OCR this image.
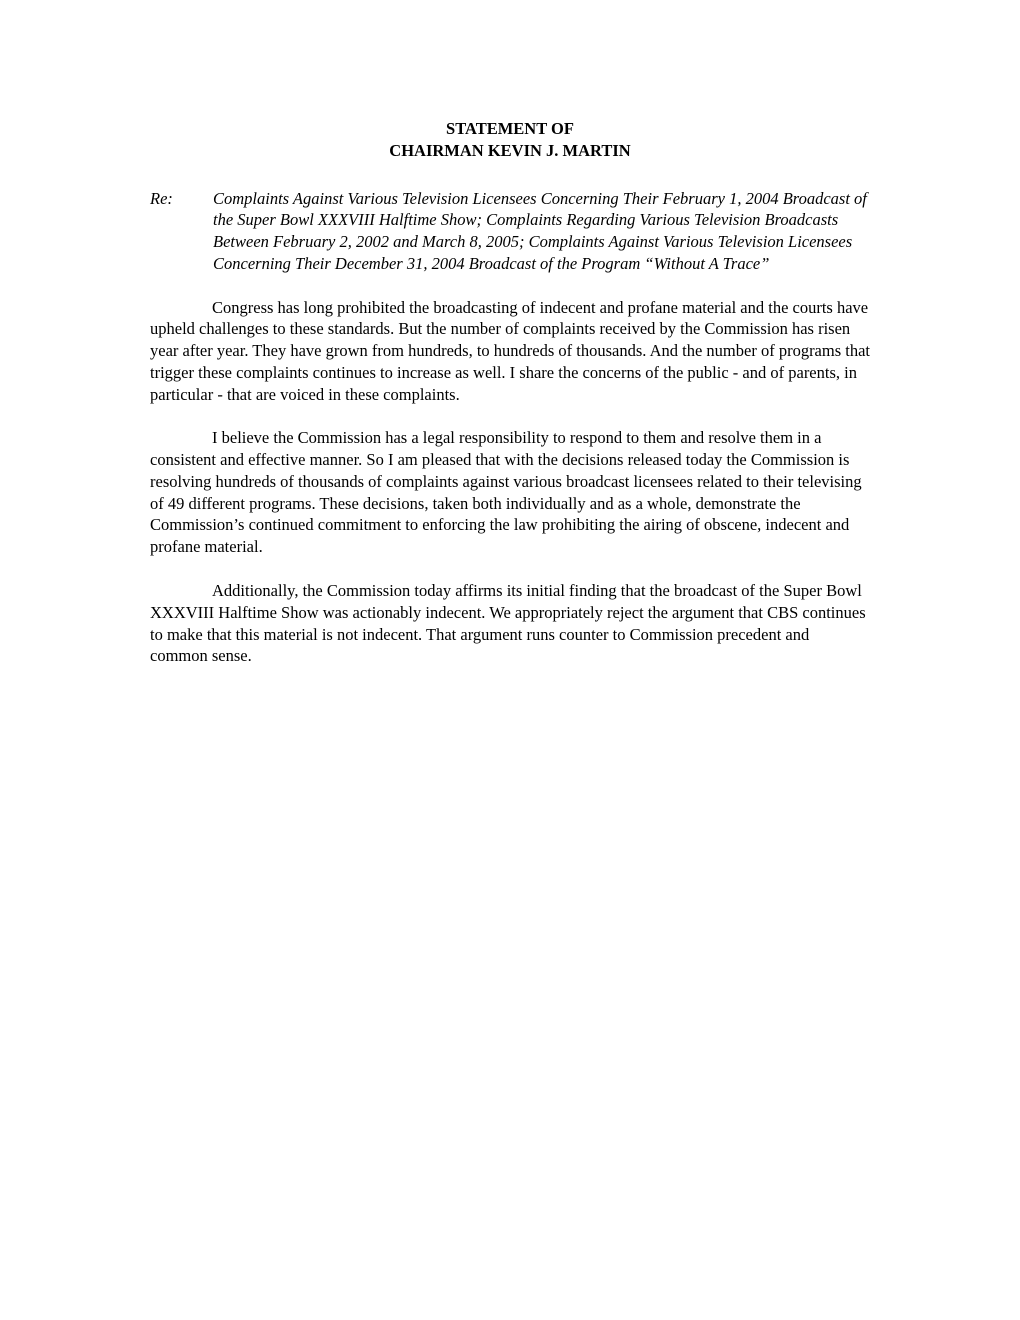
STATEMENT OF
CHAIRMAN KEVIN J. MARTIN
Re:	Complaints Against Various Television Licensees Concerning Their February 1, 2004 Broadcast of the Super Bowl XXXVIII Halftime Show; Complaints Regarding Various Television Broadcasts Between February 2, 2002 and March 8, 2005; Complaints Against Various Television Licensees Concerning Their December 31, 2004 Broadcast of the Program “Without A Trace”

Congress has long prohibited the broadcasting of indecent and profane material and the courts have upheld challenges to these standards. But the number of complaints received by the Commission has risen year after year. They have grown from hundreds, to hundreds of thousands. And the number of programs that trigger these complaints continues to increase as well. I share the concerns of the public - and of parents, in particular - that are voiced in these complaints.

I believe the Commission has a legal responsibility to respond to them and resolve them in a consistent and effective manner. So I am pleased that with the decisions released today the Commission is resolving hundreds of thousands of complaints against various broadcast licensees related to their televising of 49 different programs. These decisions, taken both individually and as a whole, demonstrate the Commission’s continued commitment to enforcing the law prohibiting the airing of obscene, indecent and profane material.

Additionally, the Commission today affirms its initial finding that the broadcast of the Super Bowl XXXVIII Halftime Show was actionably indecent. We appropriately reject the argument that CBS continues to make that this material is not indecent. That argument runs counter to Commission precedent and common sense.
